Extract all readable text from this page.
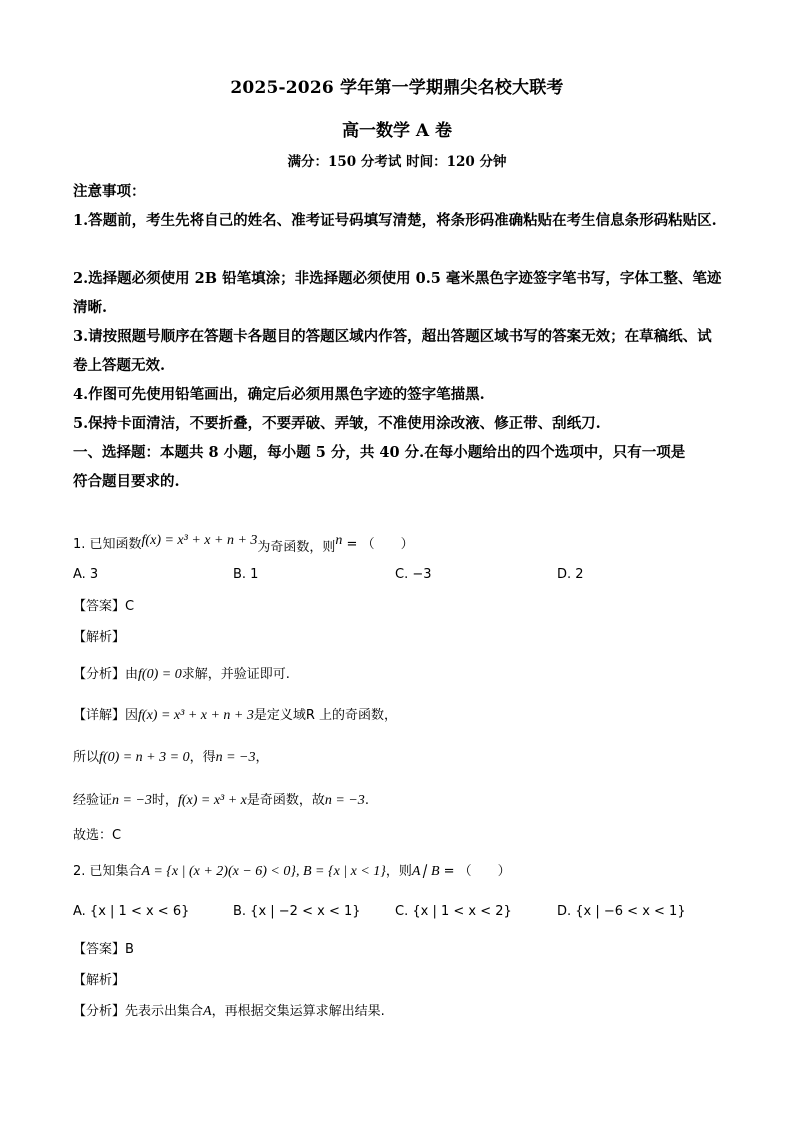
2025-2026 学年第一学期鼎尖名校大联考
高一数学 A 卷
满分：150 分考试 时间：120 分钟
注意事项：
1.答题前，考生先将自己的姓名、准考证号码填写清楚，将条形码准确粘贴在考生信息条形码粘贴区.
2.选择题必须使用 2B 铅笔填涂；非选择题必须使用 0.5 毫米黑色字迹签字笔书写，字体工整、笔迹清晰.
3.请按照题号顺序在答题卡各题目的答题区域内作答，超出答题区域书写的答案无效；在草稿纸、试卷上答题无效.
4.作图可先使用铅笔画出，确定后必须用黑色字迹的签字笔描黑.
5.保持卡面清洁，不要折叠，不要弄破、弄皱，不准使用涂改液、修正带、刮纸刀.
一、选择题：本题共 8 小题，每小题 5 分，共 40 分.在每小题给出的四个选项中，只有一项是
符合题目要求的.
1. 已知函数f(x) = x³ + x + n + 3为奇函数，则n = （　　）
A. 3	B. 1	C. −3	D. 2
【答案】C
【解析】
【分析】由f(0) = 0求解，并验证即可.
【详解】因f(x) = x³ + x + n + 3是定义域R 上的奇函数，
所以f(0) = n + 3 = 0，得n = −3，
经验证n = −3时，f(x) = x³ + x是奇函数，故n = −3.
故选：C
2. 已知集合A = {x | (x + 2)(x − 6) < 0}, B = {x | x < 1}，则A∣ B = （　　）
A. {x | 1 < x < 6}	B. {x | −2 < x < 1}	C. {x | 1 < x < 2}	D. {x | −6 < x < 1}
【答案】B
【解析】
【分析】先表示出集合A，再根据交集运算求解出结果.
